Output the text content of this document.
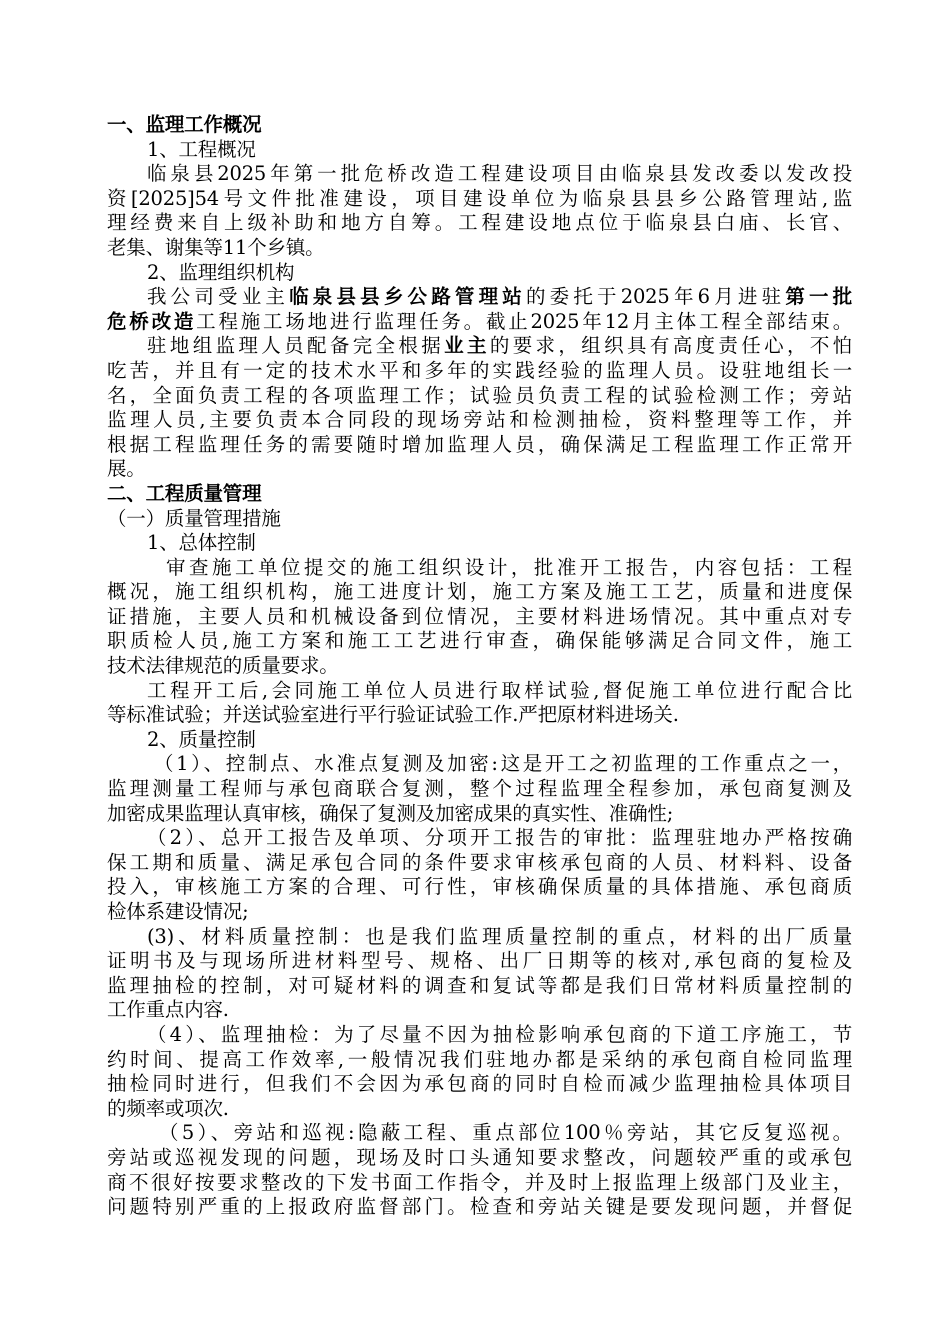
一、监理工作概况
1、工程概况
临泉县2025年第一批危桥改造工程建设项目由临泉县发改委以发改投
资[2025]54号文件批准建设，项目建设单位为临泉县县乡公路管理站,监
理经费来自上级补助和地方自筹。工程建设地点位于临泉县白庙、长官、
老集、谢集等11个乡镇。
2、监理组织机构
我公司受业主临泉县县乡公路管理站的委托于2025年6月进驻第一批
危桥改造工程施工场地进行监理任务。截止2025年12月主体工程全部结束。
驻地组监理人员配备完全根据业主的要求，组织具有高度责任心，不怕
吃苦，并且有一定的技术水平和多年的实践经验的监理人员。设驻地组长一
名，全面负责工程的各项监理工作；试验员负责工程的试验检测工作；旁站
监理人员,主要负责本合同段的现场旁站和检测抽检，资料整理等工作，并
根据工程监理任务的需要随时增加监理人员，确保满足工程监理工作正常开
展。
二、工程质量管理
（一）质量管理措施
1、总体控制
审查施工单位提交的施工组织设计，批准开工报告，内容包括：工程
概况，施工组织机构，施工进度计划，施工方案及施工工艺，质量和进度保
证措施，主要人员和机械设备到位情况，主要材料进场情况。其中重点对专
职质检人员,施工方案和施工工艺进行审查，确保能够满足合同文件，施工
技术法律规范的质量要求。
工程开工后,会同施工单位人员进行取样试验,督促施工单位进行配合比
等标准试验；并送试验室进行平行验证试验工作.严把原材料进场关.
2、质量控制
（1）、控制点、水准点复测及加密:这是开工之初监理的工作重点之一，
监理测量工程师与承包商联合复测，整个过程监理全程参加，承包商复测及
加密成果监理认真审核，确保了复测及加密成果的真实性、准确性;
（2）、总开工报告及单项、分项开工报告的审批：监理驻地办严格按确
保工期和质量、满足承包合同的条件要求审核承包商的人员、材料料、设备
投入，审核施工方案的合理、可行性，审核确保质量的具体措施、承包商质
检体系建设情况;
(3)、材料质量控制：也是我们监理质量控制的重点，材料的出厂质量
证明书及与现场所进材料型号、规格、出厂日期等的核对,承包商的复检及
监理抽检的控制，对可疑材料的调查和复试等都是我们日常材料质量控制的
工作重点内容.
（4）、监理抽检：为了尽量不因为抽检影响承包商的下道工序施工，节
约时间、提高工作效率,一般情况我们驻地办都是采纳的承包商自检同监理
抽检同时进行，但我们不会因为承包商的同时自检而减少监理抽检具体项目
的频率或项次.
（5）、旁站和巡视:隐蔽工程、重点部位100％旁站，其它反复巡视。
旁站或巡视发现的问题，现场及时口头通知要求整改，问题较严重的或承包
商不很好按要求整改的下发书面工作指令，并及时上报监理上级部门及业主，
问题特别严重的上报政府监督部门。检查和旁站关键是要发现问题，并督促
